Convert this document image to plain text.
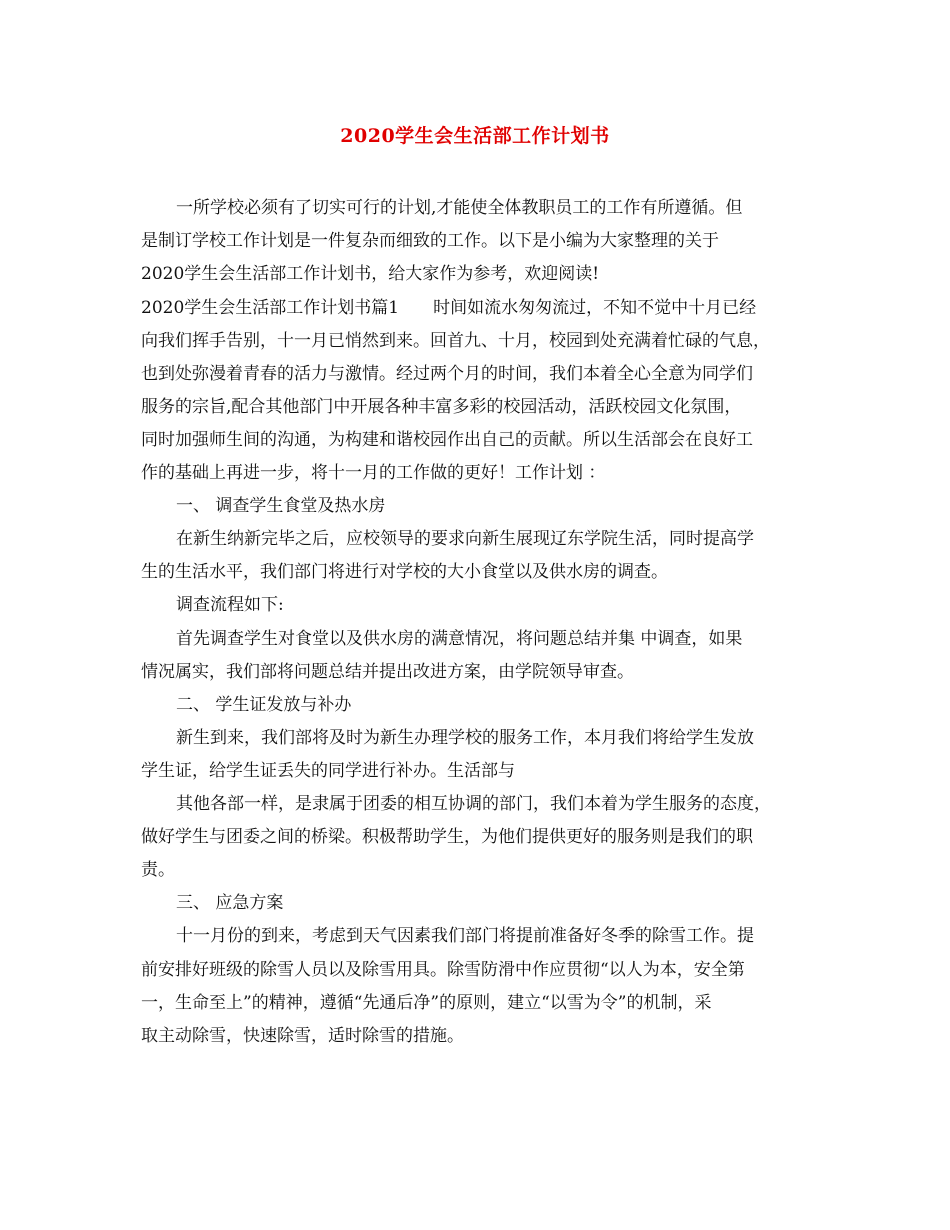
2020学生会生活部工作计划书
一所学校必须有了切实可行的计划,才能使全体教职员工的工作有所遵循。但
是制订学校工作计划是一件复杂而细致的工作。以下是小编为大家整理的关于
2020学生会生活部工作计划书，给大家作为参考，欢迎阅读!
2020学生会生活部工作计划书篇1　　时间如流水匆匆流过，不知不觉中十月已经
向我们挥手告别，十一月已悄然到来。回首九、十月，校园到处充满着忙碌的气息，
也到处弥漫着青春的活力与激情。经过两个月的时间，我们本着全心全意为同学们
服务的宗旨,配合其他部门中开展各种丰富多彩的校园活动，活跃校园文化氛围，
同时加强师生间的沟通，为构建和谐校园作出自己的贡献。所以生活部会在良好工
作的基础上再进一步，将十一月的工作做的更好！工作计划 ：
一、 调查学生食堂及热水房
在新生纳新完毕之后，应校领导的要求向新生展现辽东学院生活，同时提高学
生的生活水平，我们部门将进行对学校的大小食堂以及供水房的调查。
调查流程如下:
首先调查学生对食堂以及供水房的满意情况，将问题总结并集 中调查，如果
情况属实，我们部将问题总结并提出改进方案，由学院领导审查。
二、 学生证发放与补办
新生到来，我们部将及时为新生办理学校的服务工作，本月我们将给学生发放
学生证，给学生证丢失的同学进行补办。生活部与
其他各部一样，是隶属于团委的相互协调的部门，我们本着为学生服务的态度，
做好学生与团委之间的桥梁。积极帮助学生，为他们提供更好的服务则是我们的职
责。
三、 应急方案
十一月份的到来，考虑到天气因素我们部门将提前准备好冬季的除雪工作。提
前安排好班级的除雪人员以及除雪用具。除雪防滑中作应贯彻“以人为本，安全第
一，生命至上”的精神，遵循“先通后净”的原则，建立“以雪为令”的机制，采
取主动除雪，快速除雪，适时除雪的措施。
